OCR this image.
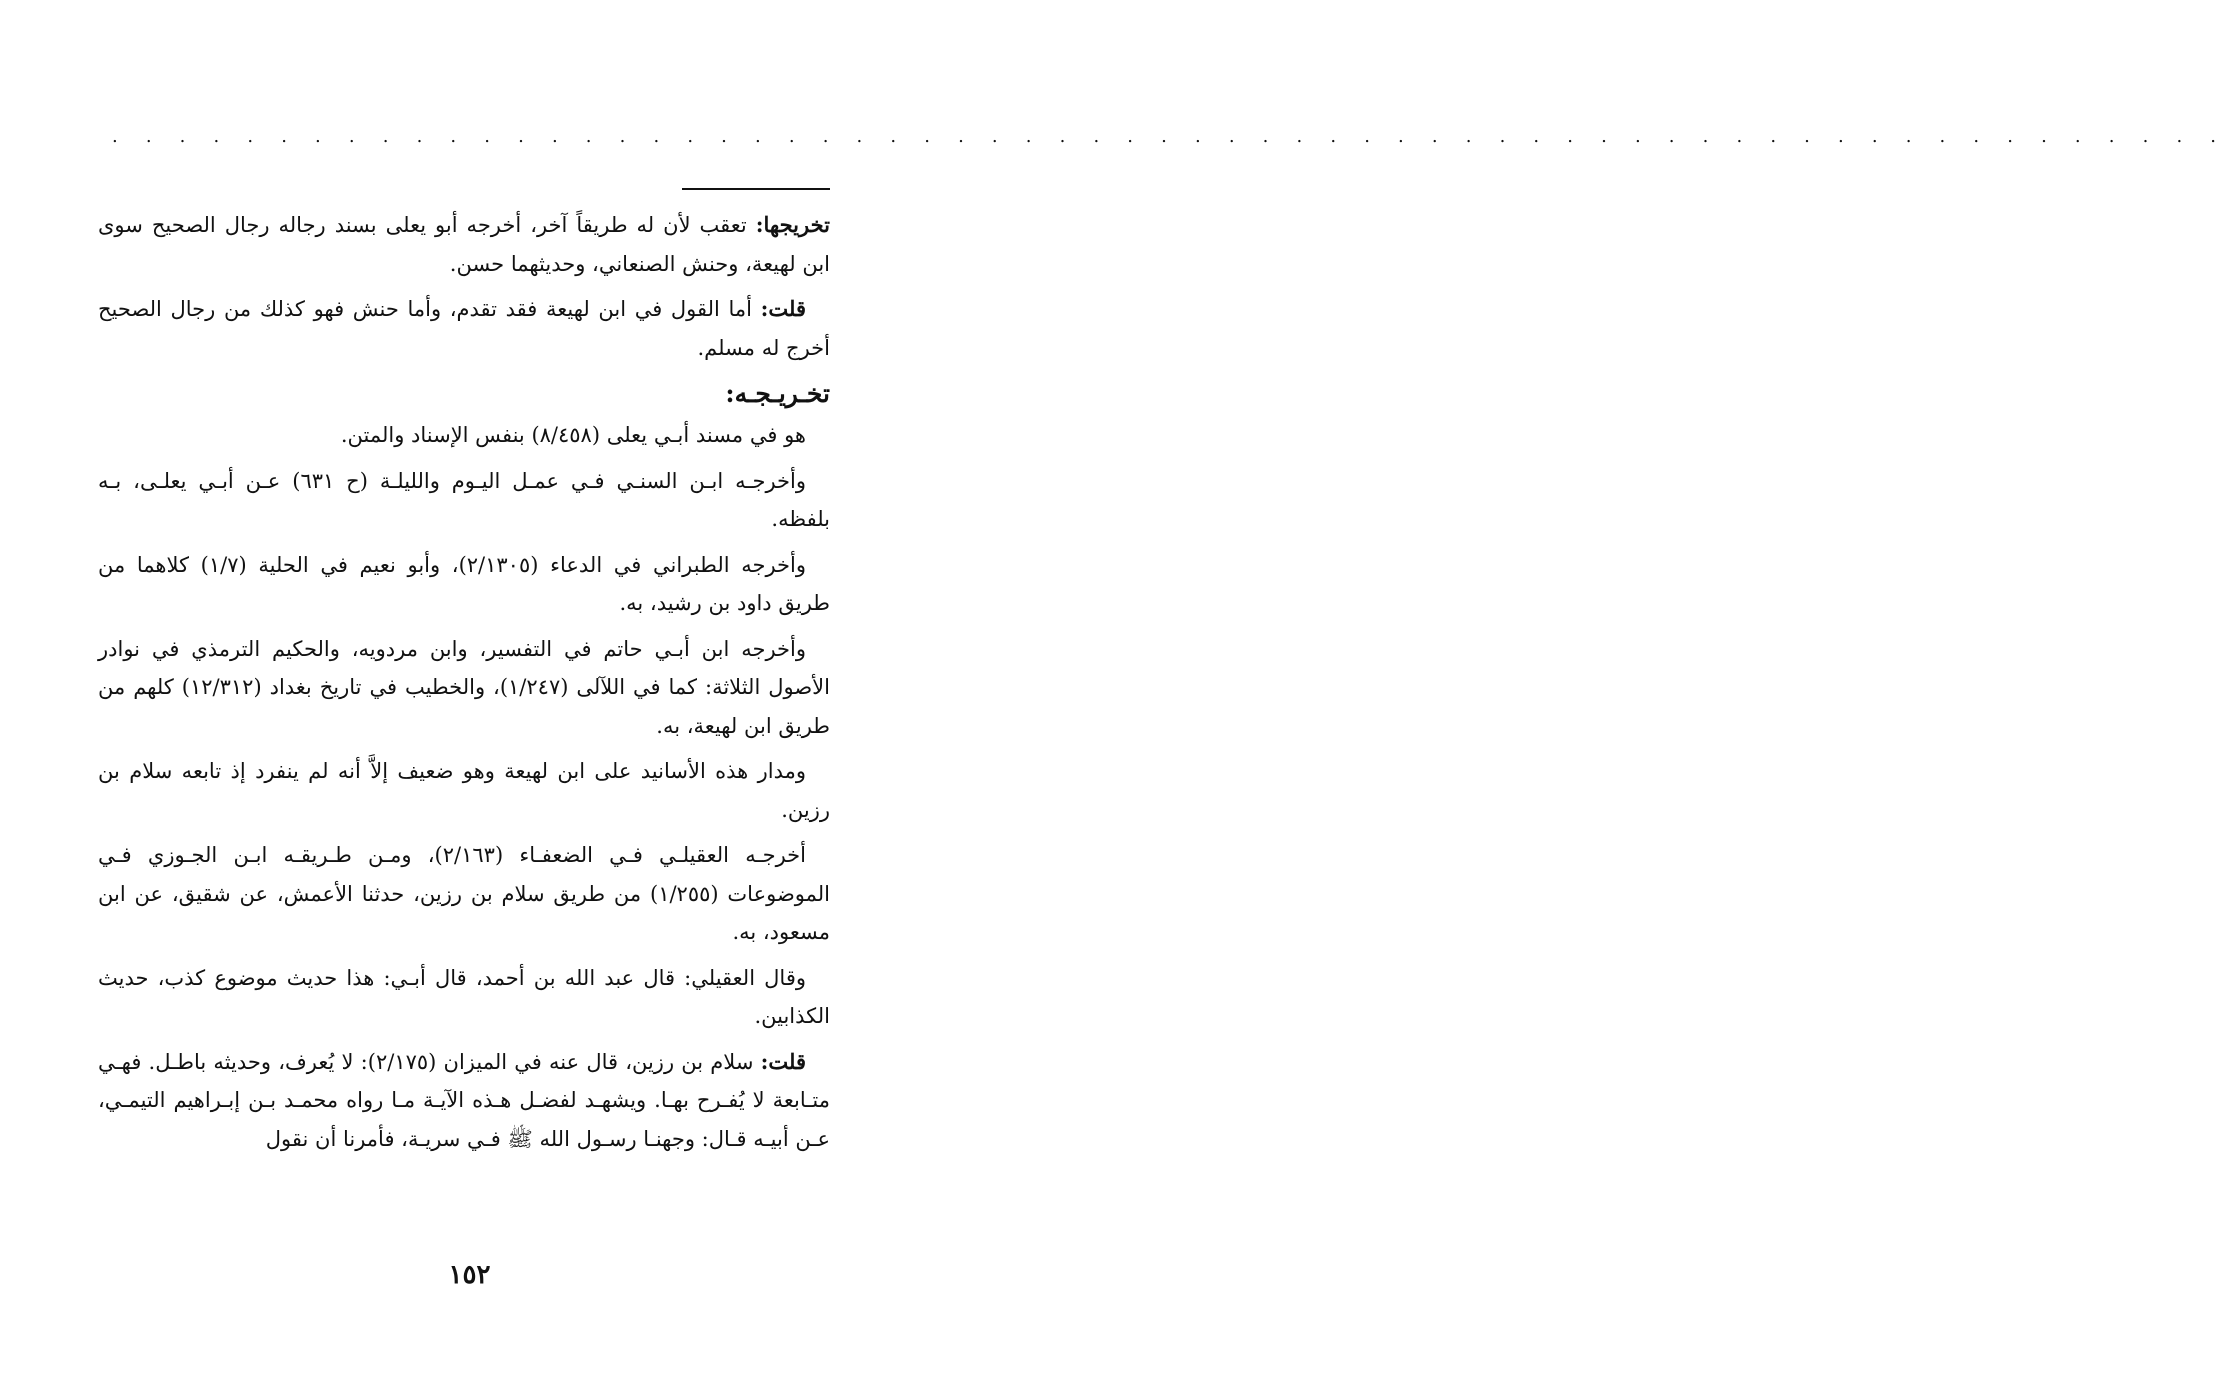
. . . . . . . . . . . . . . . . . . . . . . . . . . . . . . . . . . . . . . . . . . . . . . . . . . . . . . . . . . . . . . .

تخريجها: تعقب لأن له طريقاً آخر، أخرجه أبو يعلى بسند رجاله رجال الصحيح سوى ابن لهيعة، وحنش الصنعاني، وحديثهما حسن.

قلت: أما القول في ابن لهيعة فقد تقدم، وأما حنش فهو كذلك من رجال الصحيح أخرج له مسلم.

تخـريـجـه:

هو في مسند أبـي يعلى (٨/٤٥٨) بنفس الإسناد والمتن.

وأخرجـه ابـن السنـي فـي عمـل اليـوم والليلـة (ح ٦٣١) عـن أبـي يعلـى، بـه بلفظه.

وأخرجه الطبراني في الدعاء (٢/١٣٠٥)، وأبو نعيم في الحلية (١/٧) كلاهما من طريق داود بن رشيد، به.

وأخرجه ابن أبـي حاتم في التفسير، وابن مردويه، والحكيم الترمذي في نوادر الأصول الثلاثة: كما في اللآلى (١/٢٤٧)، والخطيب في تاريخ بغداد (١٢/٣١٢) كلهم من طريق ابن لهيعة، به.

ومدار هذه الأسانيد على ابن لهيعة وهو ضعيف إلاَّ أنه لم ينفرد إذ تابعه سلام بن رزين.

أخرجـه العقيلـي فـي الضعفـاء (٢/١٦٣)، ومـن طـريقـه ابـن الجـوزي فـي الموضوعات (١/٢٥٥) من طريق سلام بن رزين، حدثنا الأعمش، عن شقيق، عن ابن مسعود، به.

وقال العقيلي: قال عبد الله بن أحمد، قال أبـي: هذا حديث موضوع كذب، حديث الكذابين.

قلت: سلام بن رزين، قال عنه في الميزان (٢/١٧٥): لا يُعرف، وحديثه باطـل. فهـي متـابعة لا يُفـرح بهـا. ويشهـد لفضـل هـذه الآيـة مـا رواه محمـد بـن إبـراهيم التيمـي، عـن أبيـه قـال: وجهنـا رسـول الله ﷺ فـي سريـة، فأمرنا أن نقول

١٥٢
